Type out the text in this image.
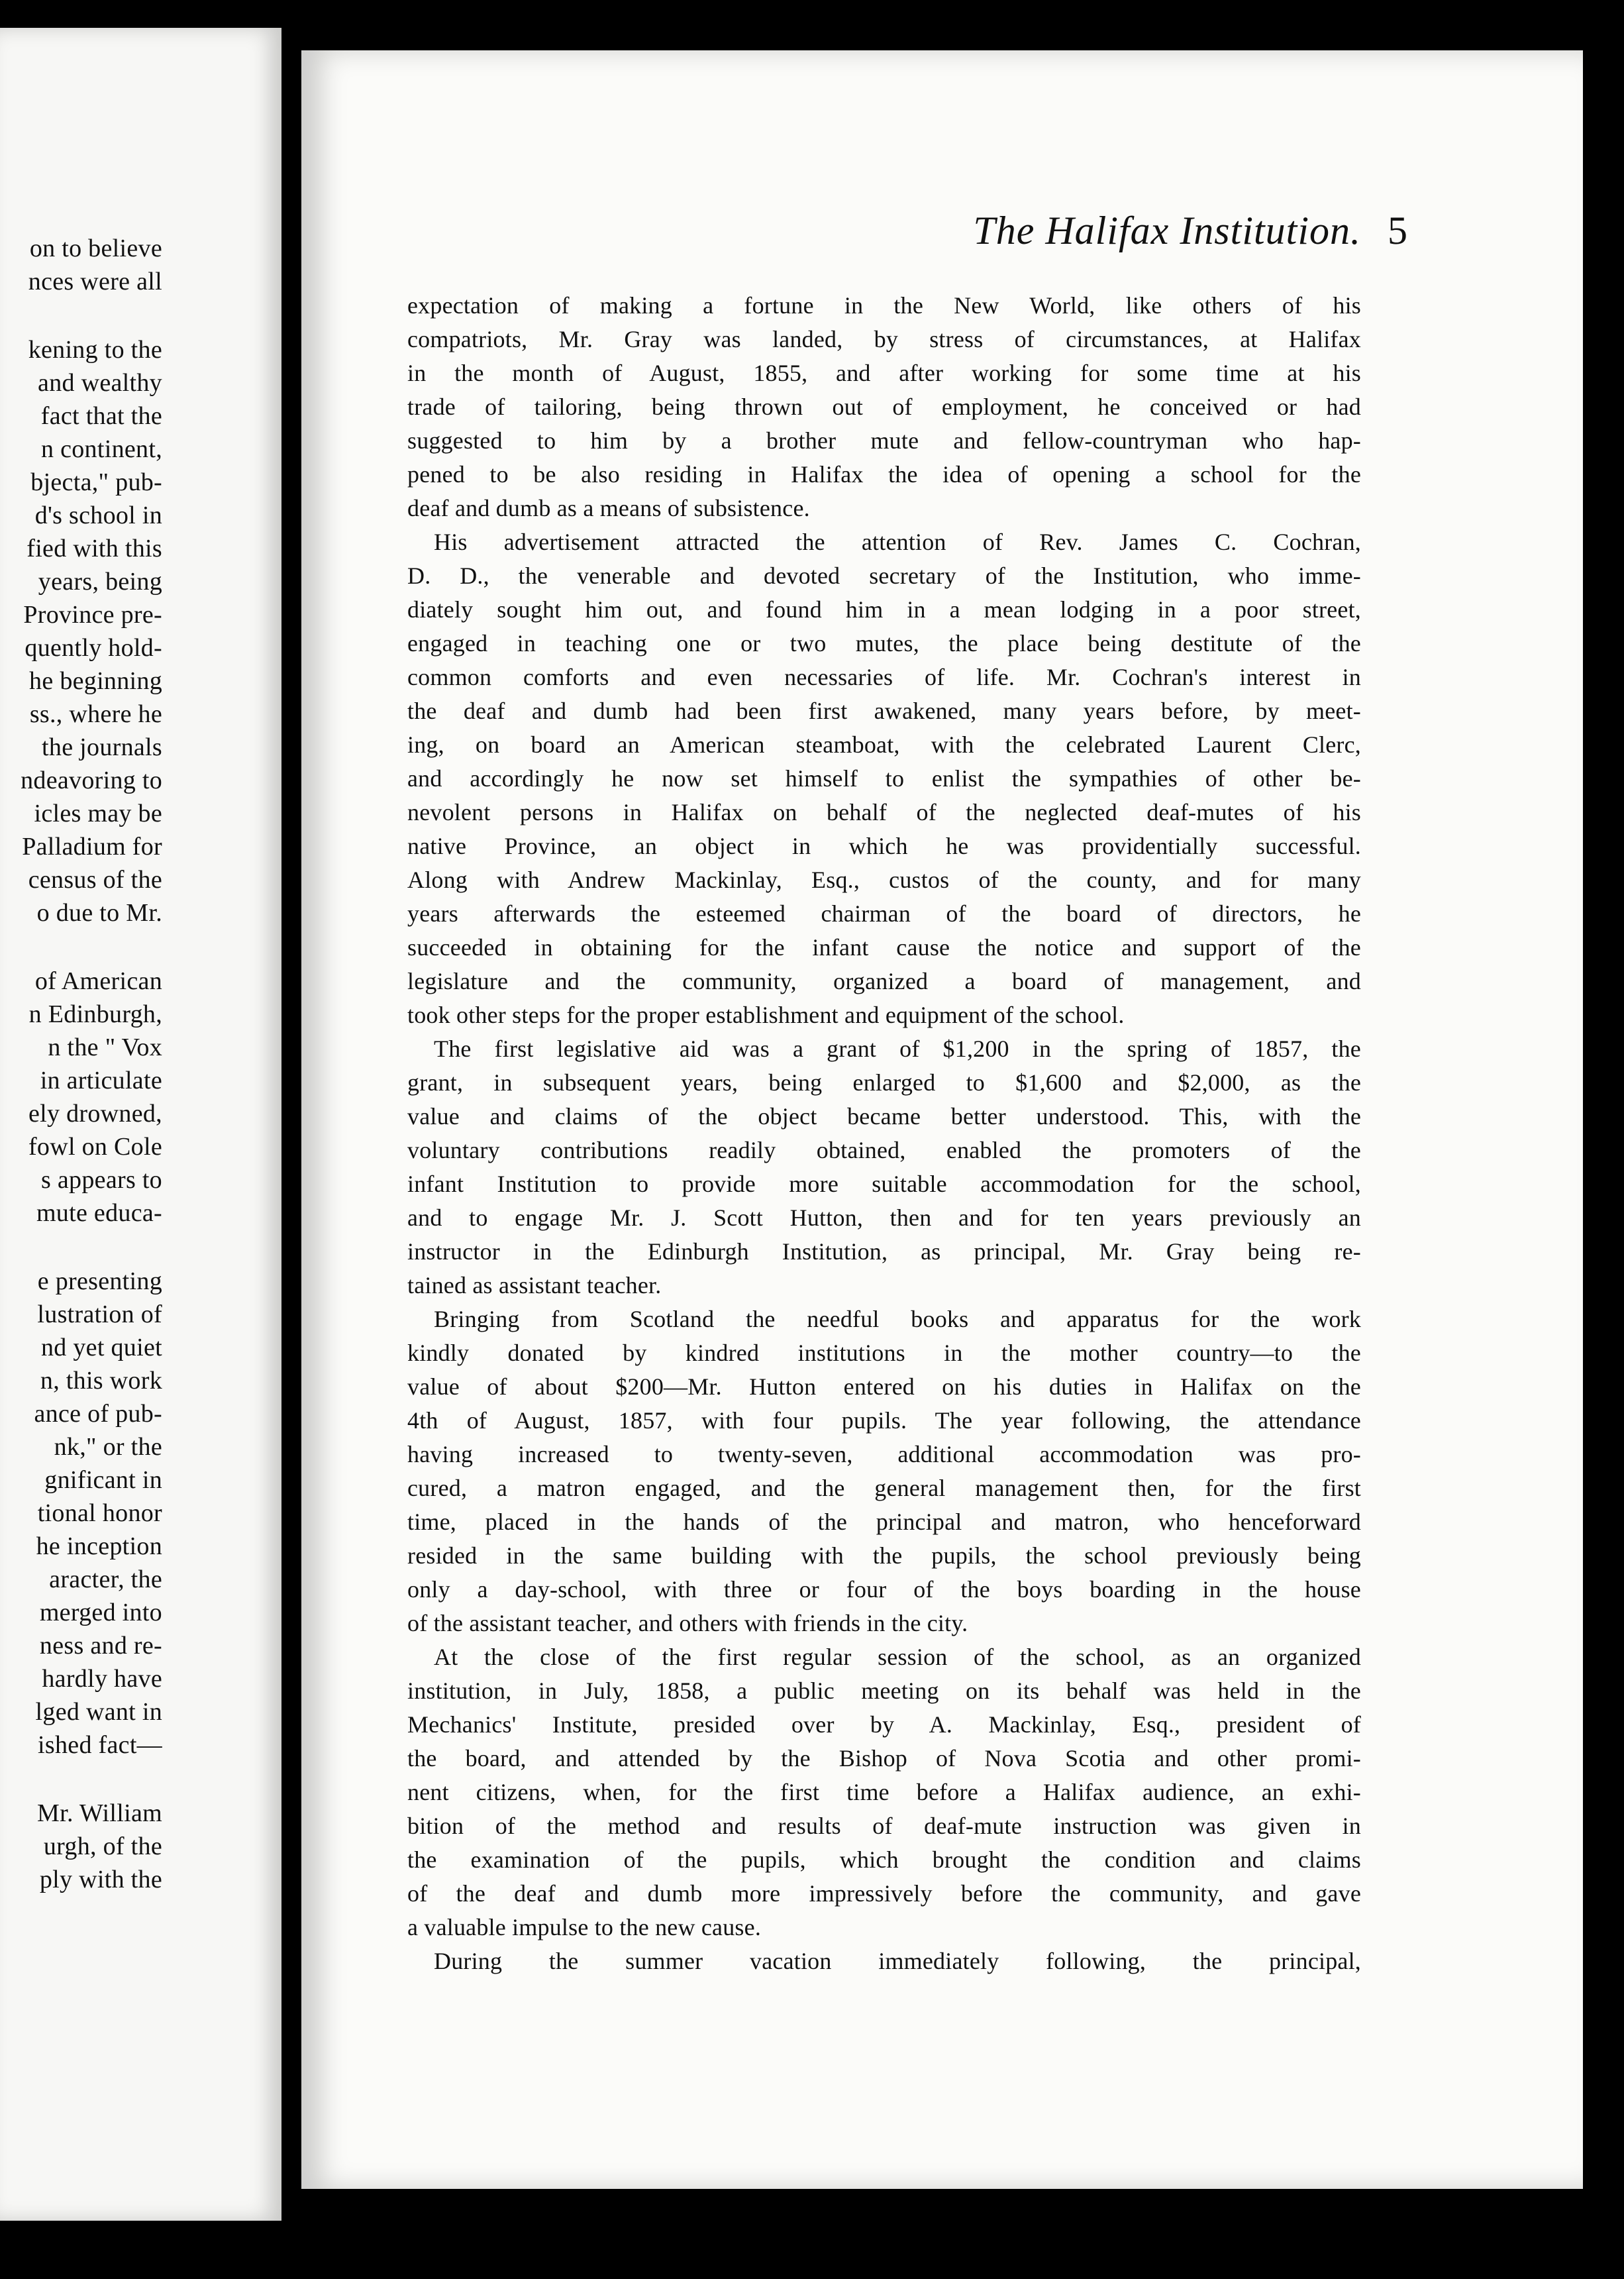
on to believe
nces were all
kening to the
and wealthy
fact that the
n continent,
bjecta," pub-
d's school in
fied with this
years, being
Province pre-
quently hold-
he beginning
ss., where he
the journals
ndeavoring to
icles may be
Palladium for
census of the
o due to Mr.
of American
n Edinburgh,
n the " Vox
in articulate
ely drowned,
fowl on Cole
s appears to
mute educa-
e presenting
lustration of
nd yet quiet
n, this work
ance of pub-
nk," or the
gnificant in
tional honor
he inception
aracter, the
merged into
ness and re-
hardly have
lged want in
ished fact—
Mr. William
urgh, of the
ply with the
The Halifax Institution. 5
expectation of making a fortune in the New World, like others of his
compatriots, Mr. Gray was landed, by stress of circumstances, at Halifax
in the month of August, 1855, and after working for some time at his
trade of tailoring, being thrown out of employment, he conceived or had
suggested to him by a brother mute and fellow-countryman who hap-
pened to be also residing in Halifax the idea of opening a school for the
deaf and dumb as a means of subsistence.
His advertisement attracted the attention of Rev. James C. Cochran,
D. D., the venerable and devoted secretary of the Institution, who imme-
diately sought him out, and found him in a mean lodging in a poor street,
engaged in teaching one or two mutes, the place being destitute of the
common comforts and even necessaries of life. Mr. Cochran's interest in
the deaf and dumb had been first awakened, many years before, by meet-
ing, on board an American steamboat, with the celebrated Laurent Clerc,
and accordingly he now set himself to enlist the sympathies of other be-
nevolent persons in Halifax on behalf of the neglected deaf-mutes of his
native Province, an object in which he was providentially successful.
Along with Andrew Mackinlay, Esq., custos of the county, and for many
years afterwards the esteemed chairman of the board of directors, he
succeeded in obtaining for the infant cause the notice and support of the
legislature and the community, organized a board of management, and
took other steps for the proper establishment and equipment of the school.
The first legislative aid was a grant of $1,200 in the spring of 1857, the
grant, in subsequent years, being enlarged to $1,600 and $2,000, as the
value and claims of the object became better understood. This, with the
voluntary contributions readily obtained, enabled the promoters of the
infant Institution to provide more suitable accommodation for the school,
and to engage Mr. J. Scott Hutton, then and for ten years previously an
instructor in the Edinburgh Institution, as principal, Mr. Gray being re-
tained as assistant teacher.
Bringing from Scotland the needful books and apparatus for the work
kindly donated by kindred institutions in the mother country—to the
value of about $200—Mr. Hutton entered on his duties in Halifax on the
4th of August, 1857, with four pupils. The year following, the attendance
having increased to twenty-seven, additional accommodation was pro-
cured, a matron engaged, and the general management then, for the first
time, placed in the hands of the principal and matron, who henceforward
resided in the same building with the pupils, the school previously being
only a day-school, with three or four of the boys boarding in the house
of the assistant teacher, and others with friends in the city.
At the close of the first regular session of the school, as an organized
institution, in July, 1858, a public meeting on its behalf was held in the
Mechanics' Institute, presided over by A. Mackinlay, Esq., president of
the board, and attended by the Bishop of Nova Scotia and other promi-
nent citizens, when, for the first time before a Halifax audience, an exhi-
bition of the method and results of deaf-mute instruction was given in
the examination of the pupils, which brought the condition and claims
of the deaf and dumb more impressively before the community, and gave
a valuable impulse to the new cause.
During the summer vacation immediately following, the principal,
